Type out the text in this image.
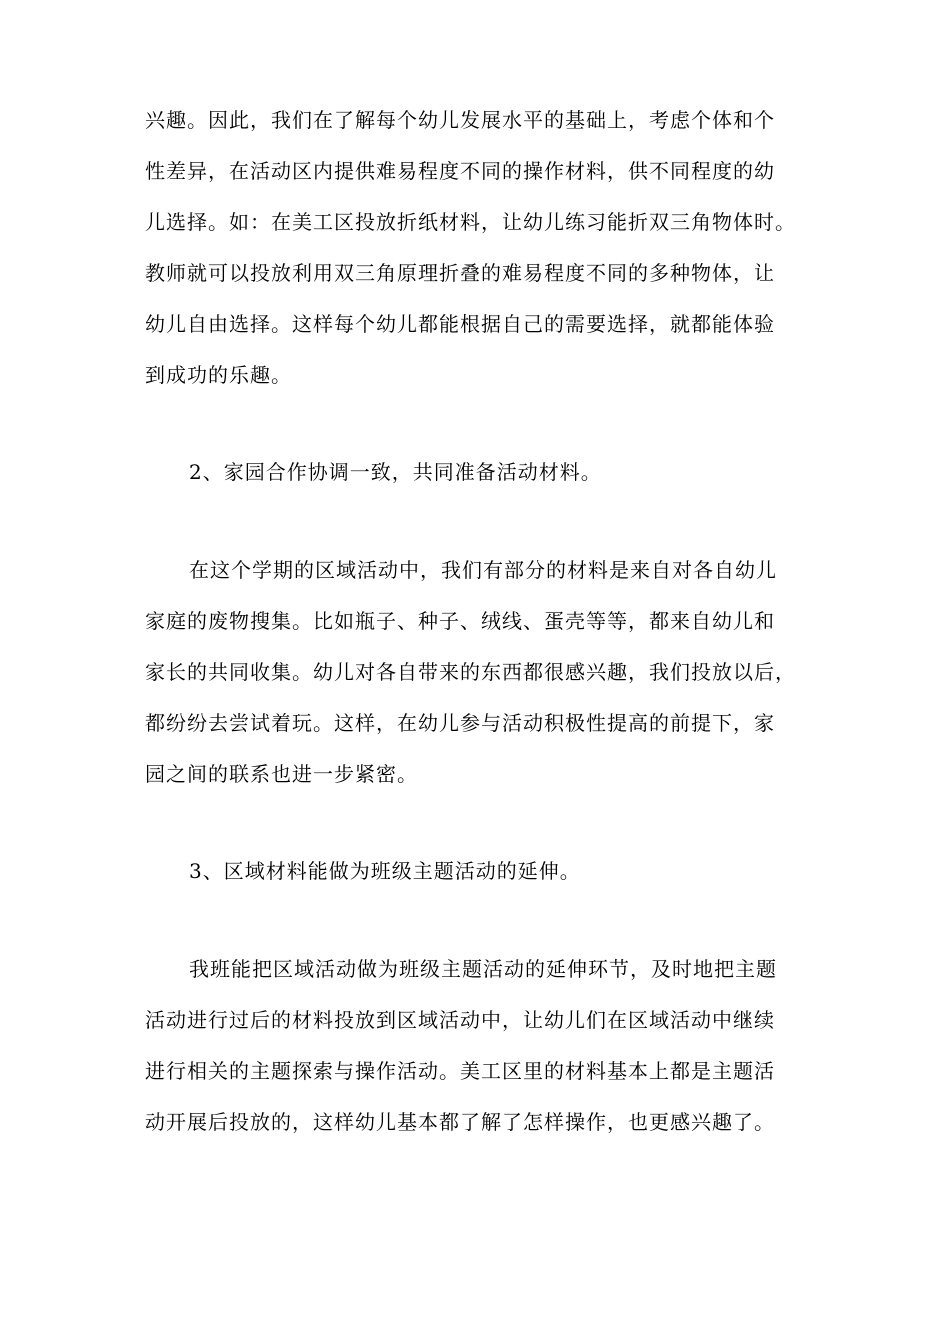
兴趣。因此，我们在了解每个幼儿发展水平的基础上，考虑个体和个
性差异，在活动区内提供难易程度不同的操作材料，供不同程度的幼
儿选择。如：在美工区投放折纸材料，让幼儿练习能折双三角物体时。
教师就可以投放利用双三角原理折叠的难易程度不同的多种物体，让
幼儿自由选择。这样每个幼儿都能根据自己的需要选择，就都能体验
到成功的乐趣。
2、家园合作协调一致，共同准备活动材料。
在这个学期的区域活动中，我们有部分的材料是来自对各自幼儿
家庭的废物搜集。比如瓶子、种子、绒线、蛋壳等等，都来自幼儿和
家长的共同收集。幼儿对各自带来的东西都很感兴趣，我们投放以后，
都纷纷去尝试着玩。这样，在幼儿参与活动积极性提高的前提下，家
园之间的联系也进一步紧密。
3、区域材料能做为班级主题活动的延伸。
我班能把区域活动做为班级主题活动的延伸环节，及时地把主题
活动进行过后的材料投放到区域活动中，让幼儿们在区域活动中继续
进行相关的主题探索与操作活动。美工区里的材料基本上都是主题活
动开展后投放的，这样幼儿基本都了解了怎样操作，也更感兴趣了。
